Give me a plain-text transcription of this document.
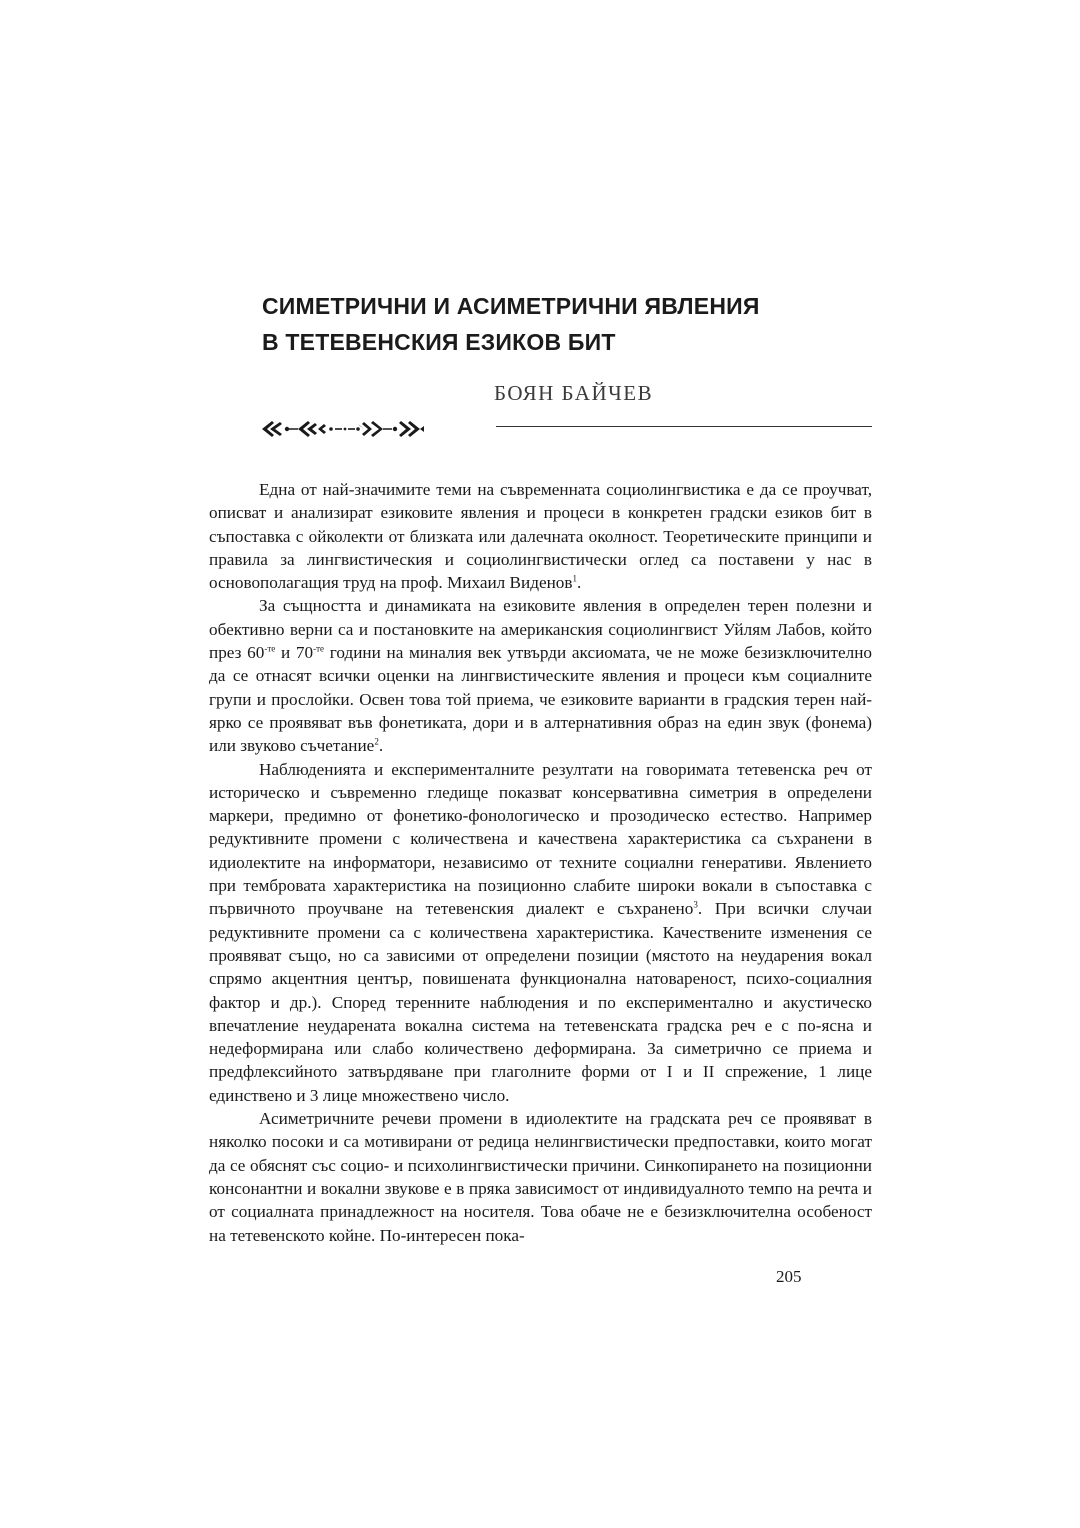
СИМЕТРИЧНИ И АСИМЕТРИЧНИ ЯВЛЕНИЯ
В ТЕТЕВЕНСКИЯ ЕЗИКОВ БИТ
БОЯН БАЙЧЕВ

Една от най-значимите теми на съвременната социолингвистика е да се проучват, описват и анализират езиковите явления и процеси в конкретен градски езиков бит в съпоставка с ойколекти от близката или далечната околност. Теоретическите принципи и правила за лингвистическия и социолингвистически оглед са поставени у нас в основополагащия труд на проф. Михаил Виденов$^1$.

За същността и динамиката на езиковите явления в определен терен полезни и обективно верни са и постановките на американския социолингвист Уйлям Лабов, който през $60^{-те}$ и $70^{-те}$ години на миналия век утвърди аксиомата, че не може безизключително да се отнасят всички оценки на лингвистическите явления и процеси към социалните групи и прослойки. Освен това той приема, че езиковите варианти в градския терен най-ярко се проявяват във фонетиката, дори и в алтернативния образ на един звук (фонема) или звуково съчетание$^2$.

Наблюденията и експерименталните резултати на говоримата тетевенска реч от историческо и съвременно гледище показват консервативна симетрия в определени маркери, предимно от фонетико-фонологическо и прозодическо естество. Например редуктивните промени с количествена и качествена характеристика са съхранени в идиолектите на информатори, независимо от техните социални генеративи. Явлението при тембровата характеристика на позиционно слабите широки вокали в съпоставка с първичното проучване на тетевенския диалект е съхранено$^3$. При всички случаи редуктивните промени са с количествена характеристика. Качествените изменения се проявяват също, но са зависими от определени позиции (мястото на неударения вокал спрямо акцентния център, повишената функционална натовареност, психо-социалния фактор и др.). Според теренните наблюдения и по експериментално и акустическо впечатление неударената вокална система на тетевенската градска реч е с по-ясна и недеформирана или слабо количествено деформирана. За симетрично се приема и предфлексийното затвърдяване при глаголните форми от I и II спрежение, 1 лице единствено и 3 лице множествено число.

Асиметричните речеви промени в идиолектите на градската реч се проявяват в няколко посоки и са мотивирани от редица нелингвистически предпоставки, които могат да се обяснят със социо- и психолингвистически причини. Синкопирането на позиционни консонантни и вокални звукове е в пряка зависимост от индивидуалното темпо на речта и от социалната принадлежност на носителя. Това обаче не е безизключителна особеност на тетевенското койне. По-интересен пока-

205
